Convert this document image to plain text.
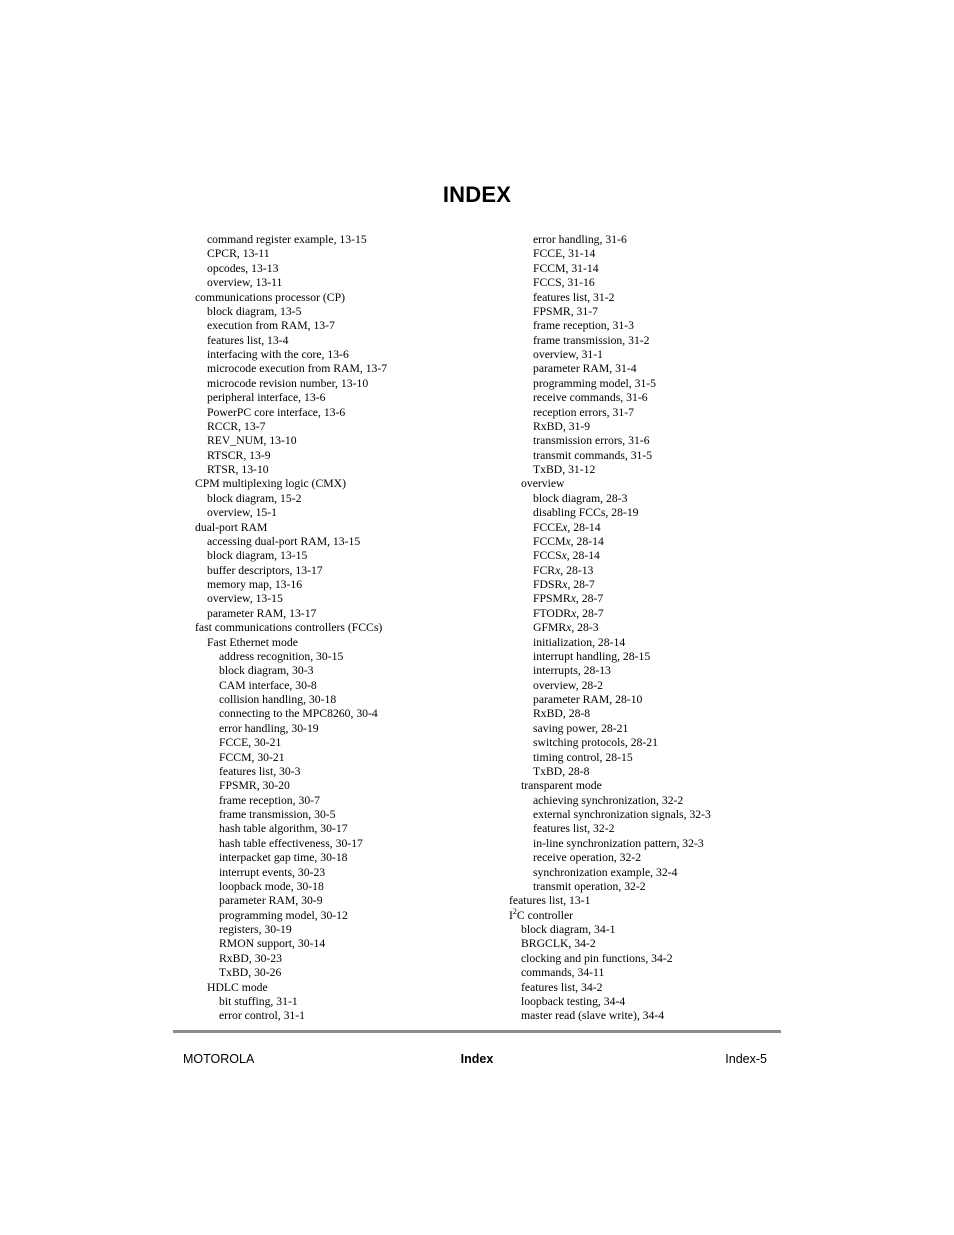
INDEX
command register example, 13-15
CPCR, 13-11
opcodes, 13-13
overview, 13-11
communications processor (CP)
block diagram, 13-5
execution from RAM, 13-7
features list, 13-4
interfacing with the core, 13-6
microcode execution from RAM, 13-7
microcode revision number, 13-10
peripheral interface, 13-6
PowerPC core interface, 13-6
RCCR, 13-7
REV_NUM, 13-10
RTSCR, 13-9
RTSR, 13-10
CPM multiplexing logic (CMX)
block diagram, 15-2
overview, 15-1
dual-port RAM
accessing dual-port RAM, 13-15
block diagram, 13-15
buffer descriptors, 13-17
memory map, 13-16
overview, 13-15
parameter RAM, 13-17
fast communications controllers (FCCs)
Fast Ethernet mode
address recognition, 30-15
block diagram, 30-3
CAM interface, 30-8
collision handling, 30-18
connecting to the MPC8260, 30-4
error handling, 30-19
FCCE, 30-21
FCCM, 30-21
features list, 30-3
FPSMR, 30-20
frame reception, 30-7
frame transmission, 30-5
hash table algorithm, 30-17
hash table effectiveness, 30-17
interpacket gap time, 30-18
interrupt events, 30-23
loopback mode, 30-18
parameter RAM, 30-9
programming model, 30-12
registers, 30-19
RMON support, 30-14
RxBD, 30-23
TxBD, 30-26
HDLC mode
bit stuffing, 31-1
error control, 31-1
error handling, 31-6
FCCE, 31-14
FCCM, 31-14
FCCS, 31-16
features list, 31-2
FPSMR, 31-7
frame reception, 31-3
frame transmission, 31-2
overview, 31-1
parameter RAM, 31-4
programming model, 31-5
receive commands, 31-6
reception errors, 31-7
RxBD, 31-9
transmission errors, 31-6
transmit commands, 31-5
TxBD, 31-12
overview
block diagram, 28-3
disabling FCCs, 28-19
FCCEx, 28-14
FCCMx, 28-14
FCCSx, 28-14
FCRx, 28-13
FDSRx, 28-7
FPSMRx, 28-7
FTODRx, 28-7
GFMRx, 28-3
initialization, 28-14
interrupt handling, 28-15
interrupts, 28-13
overview, 28-2
parameter RAM, 28-10
RxBD, 28-8
saving power, 28-21
switching protocols, 28-21
timing control, 28-15
TxBD, 28-8
transparent mode
achieving synchronization, 32-2
external synchronization signals, 32-3
features list, 32-2
in-line synchronization pattern, 32-3
receive operation, 32-2
synchronization example, 32-4
transmit operation, 32-2
features list, 13-1
$I^2C$ controller
block diagram, 34-1
BRGCLK, 34-2
clocking and pin functions, 34-2
commands, 34-11
features list, 34-2
loopback testing, 34-4
master read (slave write), 34-4
MOTOROLA	Index	Index-5
